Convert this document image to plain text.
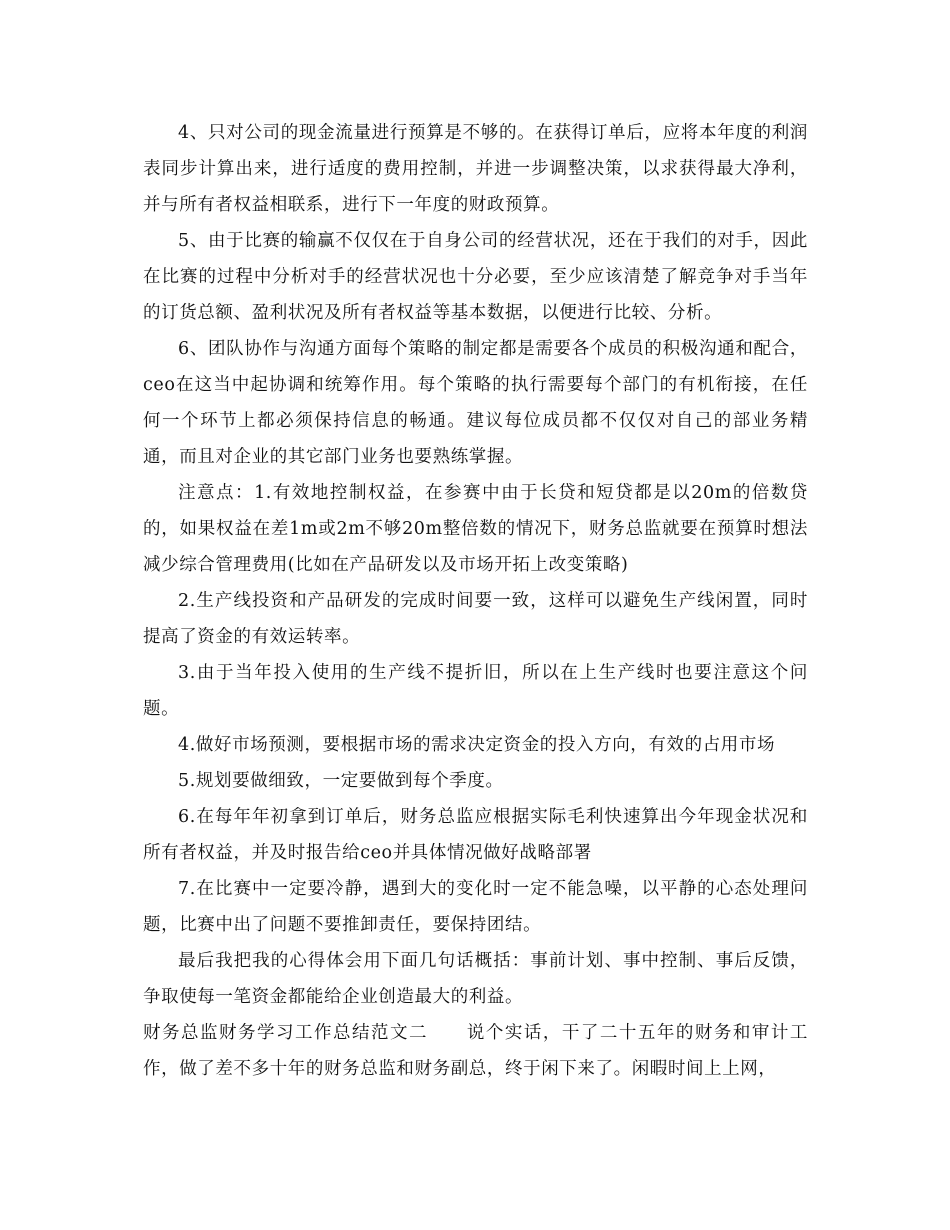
4、只对公司的现金流量进行预算是不够的。在获得订单后，应将本年度的利润表同步计算出来，进行适度的费用控制，并进一步调整决策，以求获得最大净利，并与所有者权益相联系，进行下一年度的财政预算。

5、由于比赛的输赢不仅仅在于自身公司的经营状况，还在于我们的对手，因此在比赛的过程中分析对手的经营状况也十分必要，至少应该清楚了解竞争对手当年的订货总额、盈利状况及所有者权益等基本数据，以便进行比较、分析。

6、团队协作与沟通方面每个策略的制定都是需要各个成员的积极沟通和配合，ceo在这当中起协调和统筹作用。每个策略的执行需要每个部门的有机衔接，在任何一个环节上都必须保持信息的畅通。建议每位成员都不仅仅对自己的部业务精通，而且对企业的其它部门业务也要熟练掌握。

注意点：1.有效地控制权益，在参赛中由于长贷和短贷都是以20m的倍数贷的，如果权益在差1m或2m不够20m整倍数的情况下，财务总监就要在预算时想法减少综合管理费用(比如在产品研发以及市场开拓上改变策略)

2.生产线投资和产品研发的完成时间要一致，这样可以避免生产线闲置，同时提高了资金的有效运转率。

3.由于当年投入使用的生产线不提折旧，所以在上生产线时也要注意这个问题。

4.做好市场预测，要根据市场的需求决定资金的投入方向，有效的占用市场

5.规划要做细致，一定要做到每个季度。

6.在每年年初拿到订单后，财务总监应根据实际毛利快速算出今年现金状况和所有者权益，并及时报告给ceo并具体情况做好战略部署

7.在比赛中一定要冷静，遇到大的变化时一定不能急噪，以平静的心态处理问题，比赛中出了问题不要推卸责任，要保持团结。

最后我把我的心得体会用下面几句话概括：事前计划、事中控制、事后反馈，争取使每一笔资金都能给企业创造最大的利益。

财务总监财务学习工作总结范文二 说个实话，干了二十五年的财务和审计工作，做了差不多十年的财务总监和财务副总，终于闲下来了。闲暇时间上上网，
